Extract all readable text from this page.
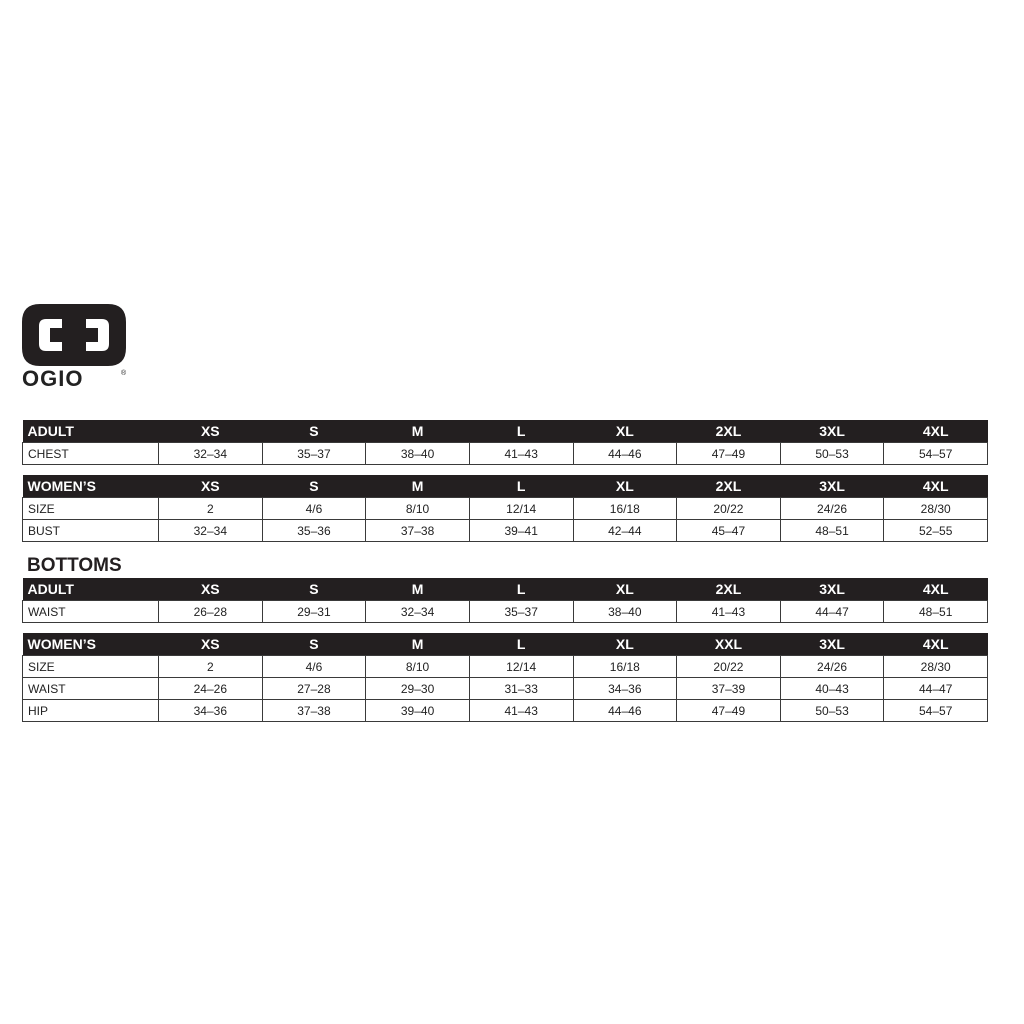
OGIO	®
ADULT	XS	S	M	L	XL	2XL	3XL	4XL
CHEST	32–34	35–37	38–40	41–43	44–46	47–49	50–53	54–57
WOMEN’S	XS	S	M	L	XL	2XL	3XL	4XL
SIZE	2	4/6	8/10	12/14	16/18	20/22	24/26	28/30
BUST	32–34	35–36	37–38	39–41	42–44	45–47	48–51	52–55
BOTTOMS
ADULT	XS	S	M	L	XL	2XL	3XL	4XL
WAIST	26–28	29–31	32–34	35–37	38–40	41–43	44–47	48–51
WOMEN’S	XS	S	M	L	XL	XXL	3XL	4XL
SIZE	2	4/6	8/10	12/14	16/18	20/22	24/26	28/30
WAIST	24–26	27–28	29–30	31–33	34–36	37–39	40–43	44–47
HIP	34–36	37–38	39–40	41–43	44–46	47–49	50–53	54–57
